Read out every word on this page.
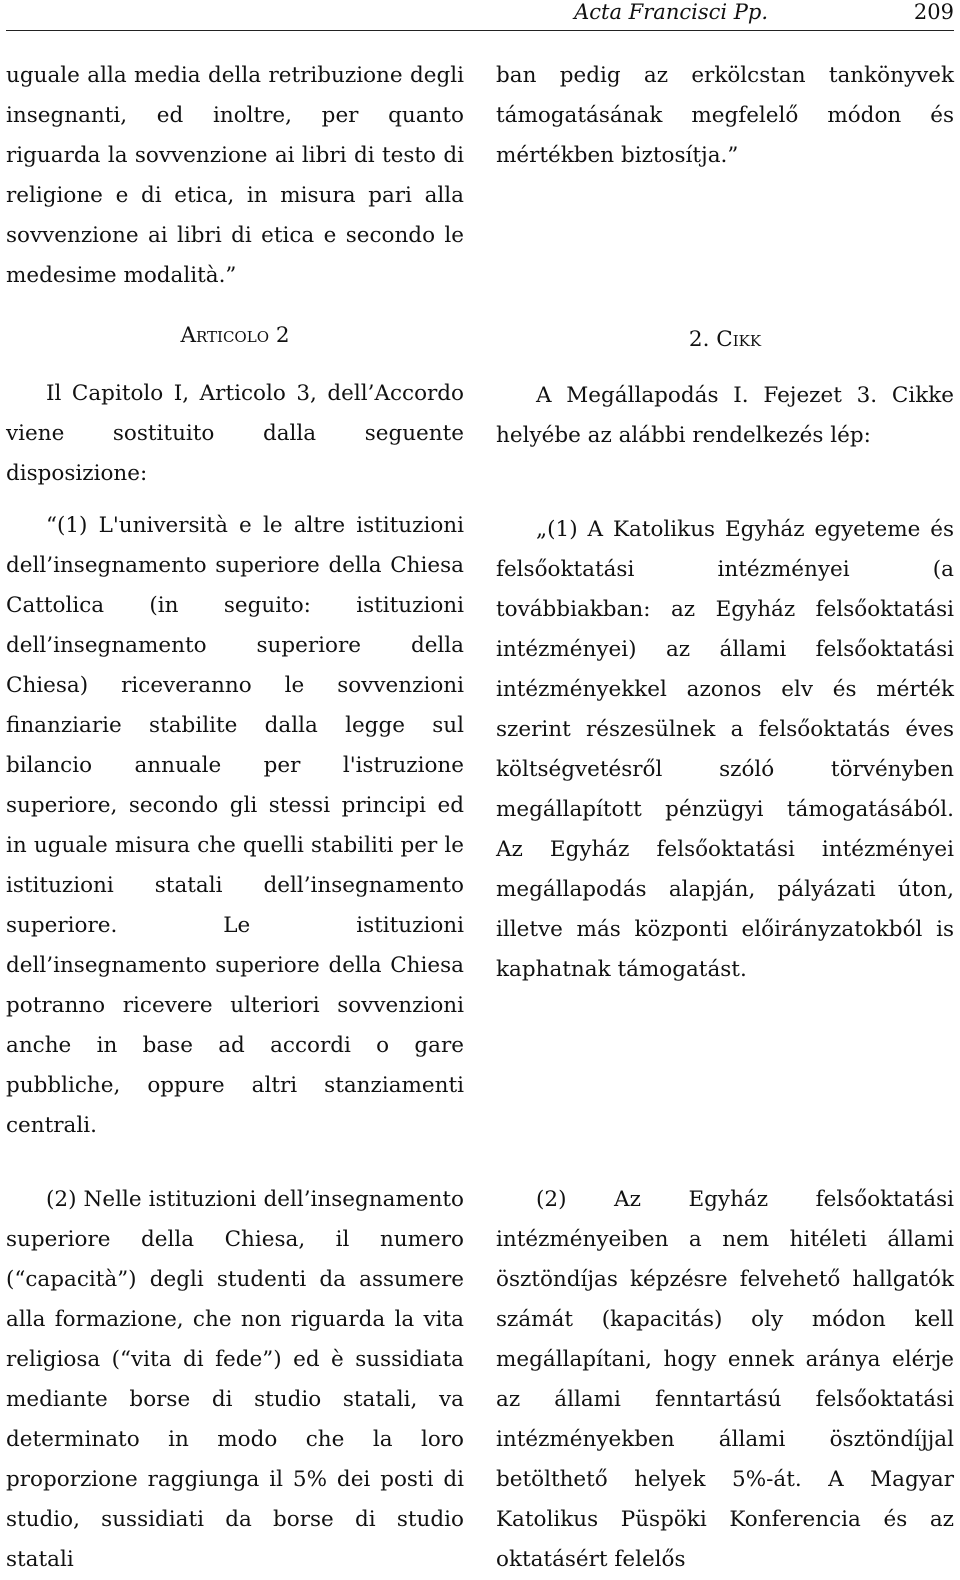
Acta Francisci Pp.	209

uguale alla media della retribuzione degli insegnanti, ed inoltre, per quanto riguarda la sovvenzione ai libri di testo di religione e di etica, in misura pari alla sovvenzione ai libri di etica e secondo le medesime modalità.”

Articolo 2

Il Capitolo I, Articolo 3, dell’Accordo viene sostituito dalla seguente disposizione:

“(1) L'università e le altre istituzioni dell’insegnamento superiore della Chiesa Cattolica (in seguito: istituzioni dell’insegnamento superiore della Chiesa) riceveranno le sovvenzioni finanziarie stabilite dalla legge sul bilancio annuale per l'istruzione superiore, secondo gli stessi principi ed in uguale misura che quelli stabiliti per le istituzioni statali dell’insegnamento superiore. Le istituzioni dell’insegnamento superiore della Chiesa potranno ricevere ulteriori sovvenzioni anche in base ad accordi o gare pubbliche, oppure altri stanziamenti centrali.

(2) Nelle istituzioni dell’insegnamento superiore della Chiesa, il numero (“capacità”) degli studenti da assumere alla formazione, che non riguarda la vita religiosa (“vita di fede”) ed è sussidiata mediante borse di studio statali, va determinato in modo che la loro proporzione raggiunga il 5% dei posti di studio, sussidiati da borse di studio statali

ban pedig az erkölcstan tankönyvek támogatásának megfelelő módon és mértékben biztosítja.”

2. Cikk

A Megállapodás I. Fejezet 3. Cikke helyébe az alábbi rendelkezés lép:

„(1) A Katolikus Egyház egyeteme és felsőoktatási intézményei (a továbbiakban: az Egyház felsőoktatási intézményei) az állami felsőoktatási intézményekkel azonos elv és mérték szerint részesülnek a felsőoktatás éves költségvetésről szóló törvényben megállapított pénzügyi támogatásából. Az Egyház felsőoktatási intézményei megállapodás alapján, pályázati úton, illetve más központi előirányzatokból is kaphatnak támogatást.

(2) Az Egyház felsőoktatási intézményeiben a nem hitéleti állami ösztöndíjas képzésre felvehető hallgatók számát (kapacitás) oly módon kell megállapítani, hogy ennek aránya elérje az állami fenntartású felsőoktatási intézményekben állami ösztöndíjjal betölthető helyek 5%-át. A Magyar Katolikus Püspöki Konferencia és az oktatásért felelős
